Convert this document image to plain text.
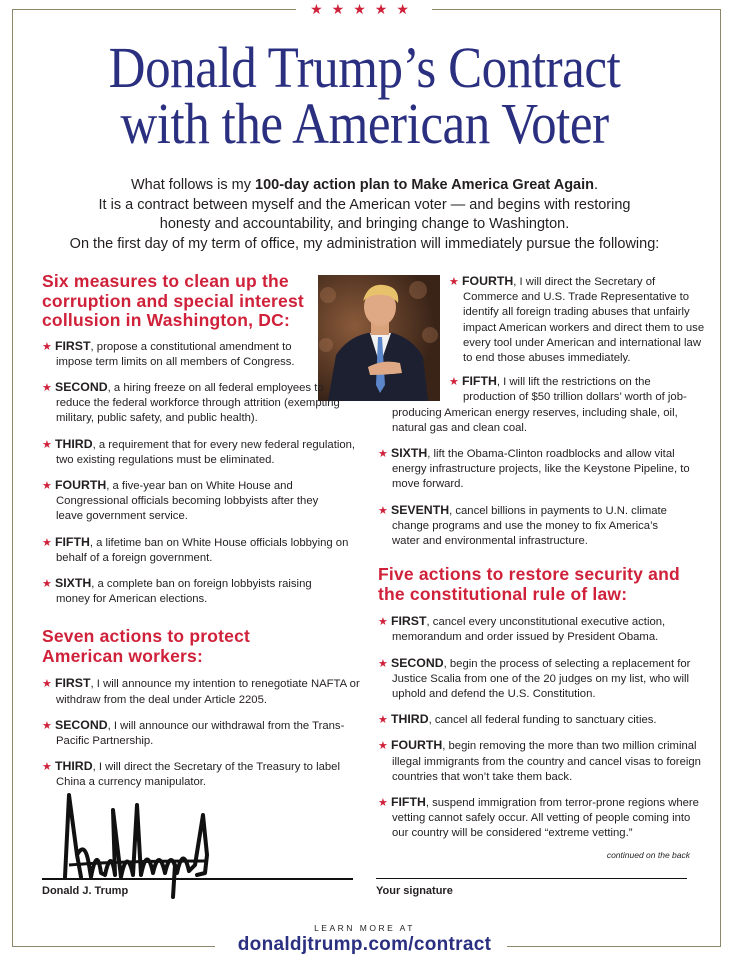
★★★★★
Donald Trump’s Contract
with the American Voter
What follows is my 100-day action plan to Make America Great Again.
It is a contract between myself and the American voter — and begins with restoring
honesty and accountability, and bringing change to Washington.
On the first day of my term of office, my administration will immediately pursue the following:
Six measures to clean up the corruption and special interest collusion in Washington, DC:
★ FIRST, propose a constitutional amendment to impose term limits on all members of Congress.
★ SECOND, a hiring freeze on all federal employees to reduce the federal workforce through attrition (exempting military, public safety, and public health).
★ THIRD, a requirement that for every new federal regulation, two existing regulations must be eliminated.
★ FOURTH, a five-year ban on White House and Congressional officials becoming lobbyists after they leave government service.
★ FIFTH, a lifetime ban on White House officials lobbying on behalf of a foreign government.
★ SIXTH, a complete ban on foreign lobbyists raising money for American elections.
Seven actions to protect American workers:
★ FIRST, I will announce my intention to renegotiate NAFTA or withdraw from the deal under Article 2205.
★ SECOND, I will announce our withdrawal from the Trans-Pacific Partnership.
★ THIRD, I will direct the Secretary of the Treasury to label China a currency manipulator.
★ FOURTH, I will direct the Secretary of Commerce and U.S. Trade Representative to identify all foreign trading abuses that unfairly impact American workers and direct them to use every tool under American and international law to end those abuses immediately.
★ FIFTH, I will lift the restrictions on the production of $50 trillion dollars’ worth of job-producing American energy reserves, including shale, oil, natural gas and clean coal.
★ SIXTH, lift the Obama-Clinton roadblocks and allow vital energy infrastructure projects, like the Keystone Pipeline, to move forward.
★ SEVENTH, cancel billions in payments to U.N. climate change programs and use the money to fix America’s water and environmental infrastructure.
Five actions to restore security and the constitutional rule of law:
★ FIRST, cancel every unconstitutional executive action, memorandum and order issued by President Obama.
★ SECOND, begin the process of selecting a replacement for Justice Scalia from one of the 20 judges on my list, who will uphold and defend the U.S. Constitution.
★ THIRD, cancel all federal funding to sanctuary cities.
★ FOURTH, begin removing the more than two million criminal illegal immigrants from the country and cancel visas to foreign countries that won’t take them back.
★ FIFTH, suspend immigration from terror-prone regions where vetting cannot safely occur. All vetting of people coming into our country will be considered “extreme vetting.”
continued on the back
Donald J. Trump	Your signature
LEARN MORE AT
donaldjtrump.com/contract
